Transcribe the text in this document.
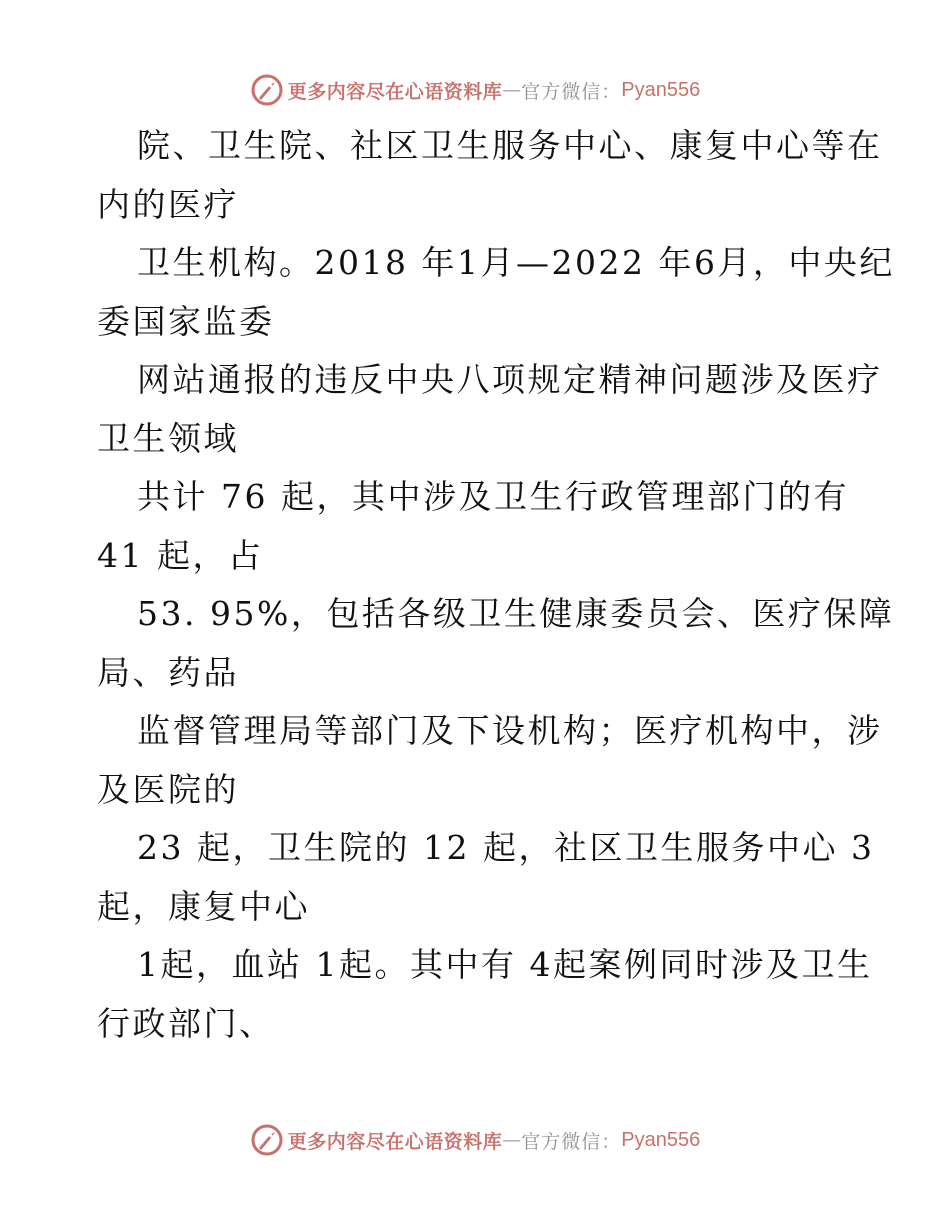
更多内容尽在心语资料库 — 官方微信： Pyan556
院、卫生院、社区卫生服务中心、康复中心等在
内的医疗
卫生机构。2018 年1月—2022 年6月，中央纪
委国家监委
网站通报的违反中央八项规定精神问题涉及医疗
卫生领域
共计 76 起，其中涉及卫生行政管理部门的有
41 起，占
53. 95%，包括各级卫生健康委员会、医疗保障
局、药品
监督管理局等部门及下设机构；医疗机构中，涉
及医院的
23 起，卫生院的 12 起，社区卫生服务中心 3
起，康复中心
1起，血站 1起。其中有 4起案例同时涉及卫生
行政部门、
更多内容尽在心语资料库 — 官方微信： Pyan556
